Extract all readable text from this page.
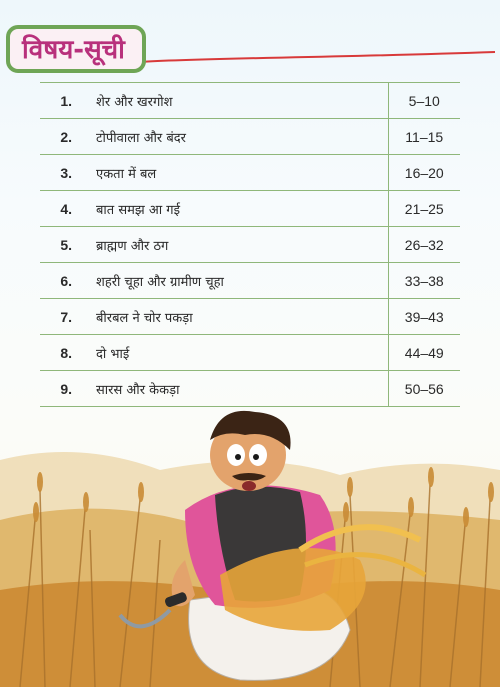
विषय-सूची
1.	शेर और खरगोश	5–10
2.	टोपीवाला और बंदर	11–15
3.	एकता में बल	16–20
4.	बात समझ आ गई	21–25
5.	ब्राह्मण और ठग	26–32
6.	शहरी चूहा और ग्रामीण चूहा	33–38
7.	बीरबल ने चोर पकड़ा	39–43
8.	दो भाई	44–49
9.	सारस और केकड़ा	50–56
